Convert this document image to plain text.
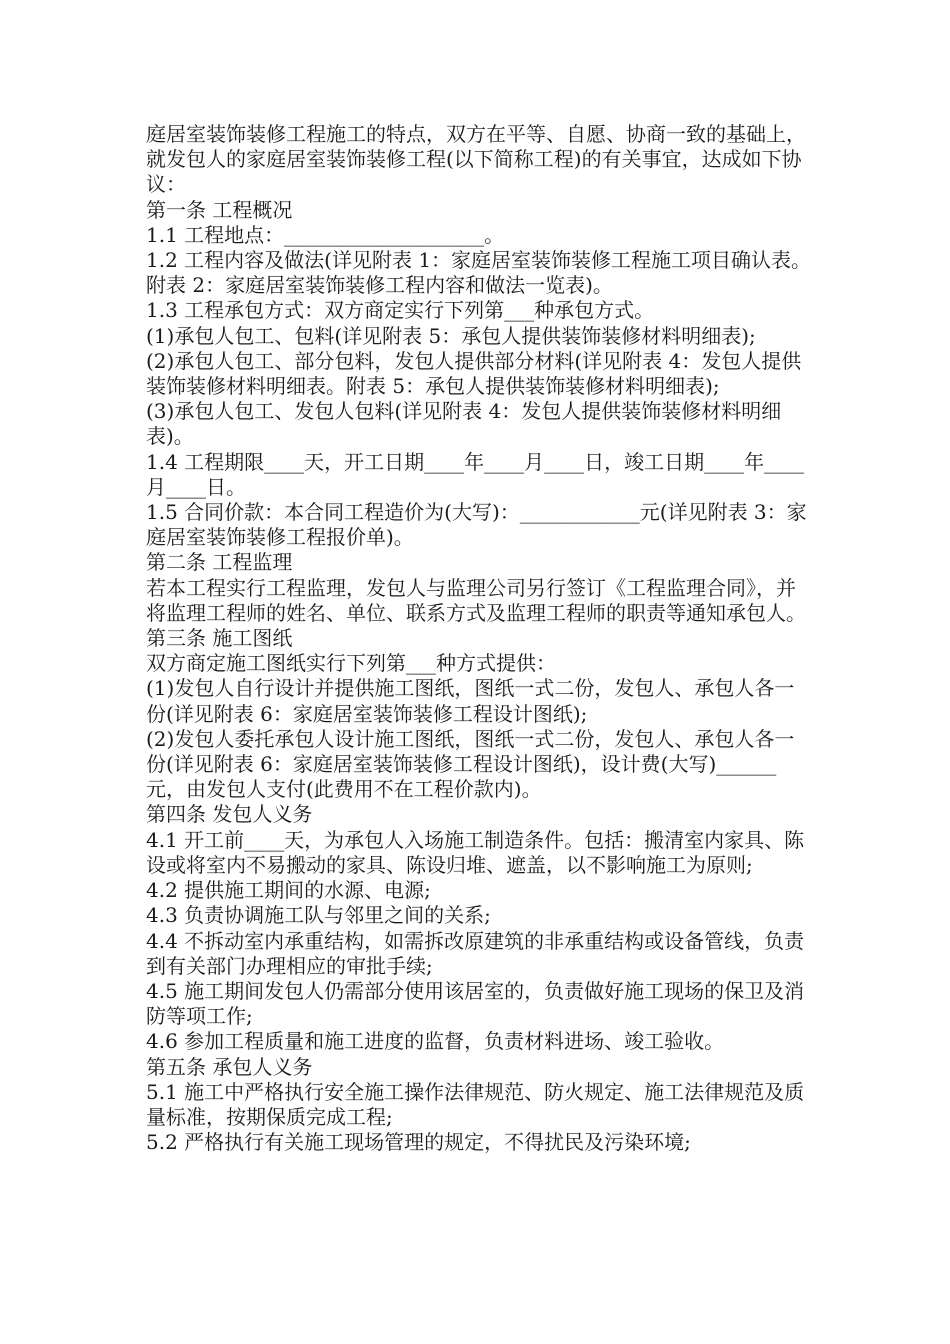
庭居室装饰装修工程施工的特点，双方在平等、自愿、协商一致的基础上，就发包人的家庭居室装饰装修工程(以下简称工程)的有关事宜，达成如下协议：

第一条 工程概况

1.1 工程地点：____________________。

1.2 工程内容及做法(详见附表 1：家庭居室装饰装修工程施工项目确认表。附表 2：家庭居室装饰装修工程内容和做法一览表)。

1.3 工程承包方式：双方商定实行下列第___种承包方式。

(1)承包人包工、包料(详见附表 5：承包人提供装饰装修材料明细表);

(2)承包人包工、部分包料，发包人提供部分材料(详见附表 4：发包人提供装饰装修材料明细表。附表 5：承包人提供装饰装修材料明细表);

(3)承包人包工、发包人包料(详见附表 4：发包人提供装饰装修材料明细表)。

1.4 工程期限____天，开工日期____年____月____日，竣工日期____年____月____日。

1.5 合同价款：本合同工程造价为(大写)：____________元(详见附表 3：家庭居室装饰装修工程报价单)。

第二条 工程监理

若本工程实行工程监理，发包人与监理公司另行签订《工程监理合同》，并将监理工程师的姓名、单位、联系方式及监理工程师的职责等通知承包人。

第三条 施工图纸

双方商定施工图纸实行下列第___种方式提供：

(1)发包人自行设计并提供施工图纸，图纸一式二份，发包人、承包人各一份(详见附表 6：家庭居室装饰装修工程设计图纸);

(2)发包人委托承包人设计施工图纸，图纸一式二份，发包人、承包人各一份(详见附表 6：家庭居室装饰装修工程设计图纸)，设计费(大写)______元，由发包人支付(此费用不在工程价款内)。

第四条 发包人义务

4.1 开工前____天，为承包人入场施工制造条件。包括：搬清室内家具、陈设或将室内不易搬动的家具、陈设归堆、遮盖，以不影响施工为原则;

4.2 提供施工期间的水源、电源;

4.3 负责协调施工队与邻里之间的关系;

4.4 不拆动室内承重结构，如需拆改原建筑的非承重结构或设备管线，负责到有关部门办理相应的审批手续;

4.5 施工期间发包人仍需部分使用该居室的，负责做好施工现场的保卫及消防等项工作;

4.6 参加工程质量和施工进度的监督，负责材料进场、竣工验收。

第五条 承包人义务

5.1 施工中严格执行安全施工操作法律规范、防火规定、施工法律规范及质量标准，按期保质完成工程;

5.2 严格执行有关施工现场管理的规定，不得扰民及污染环境;
